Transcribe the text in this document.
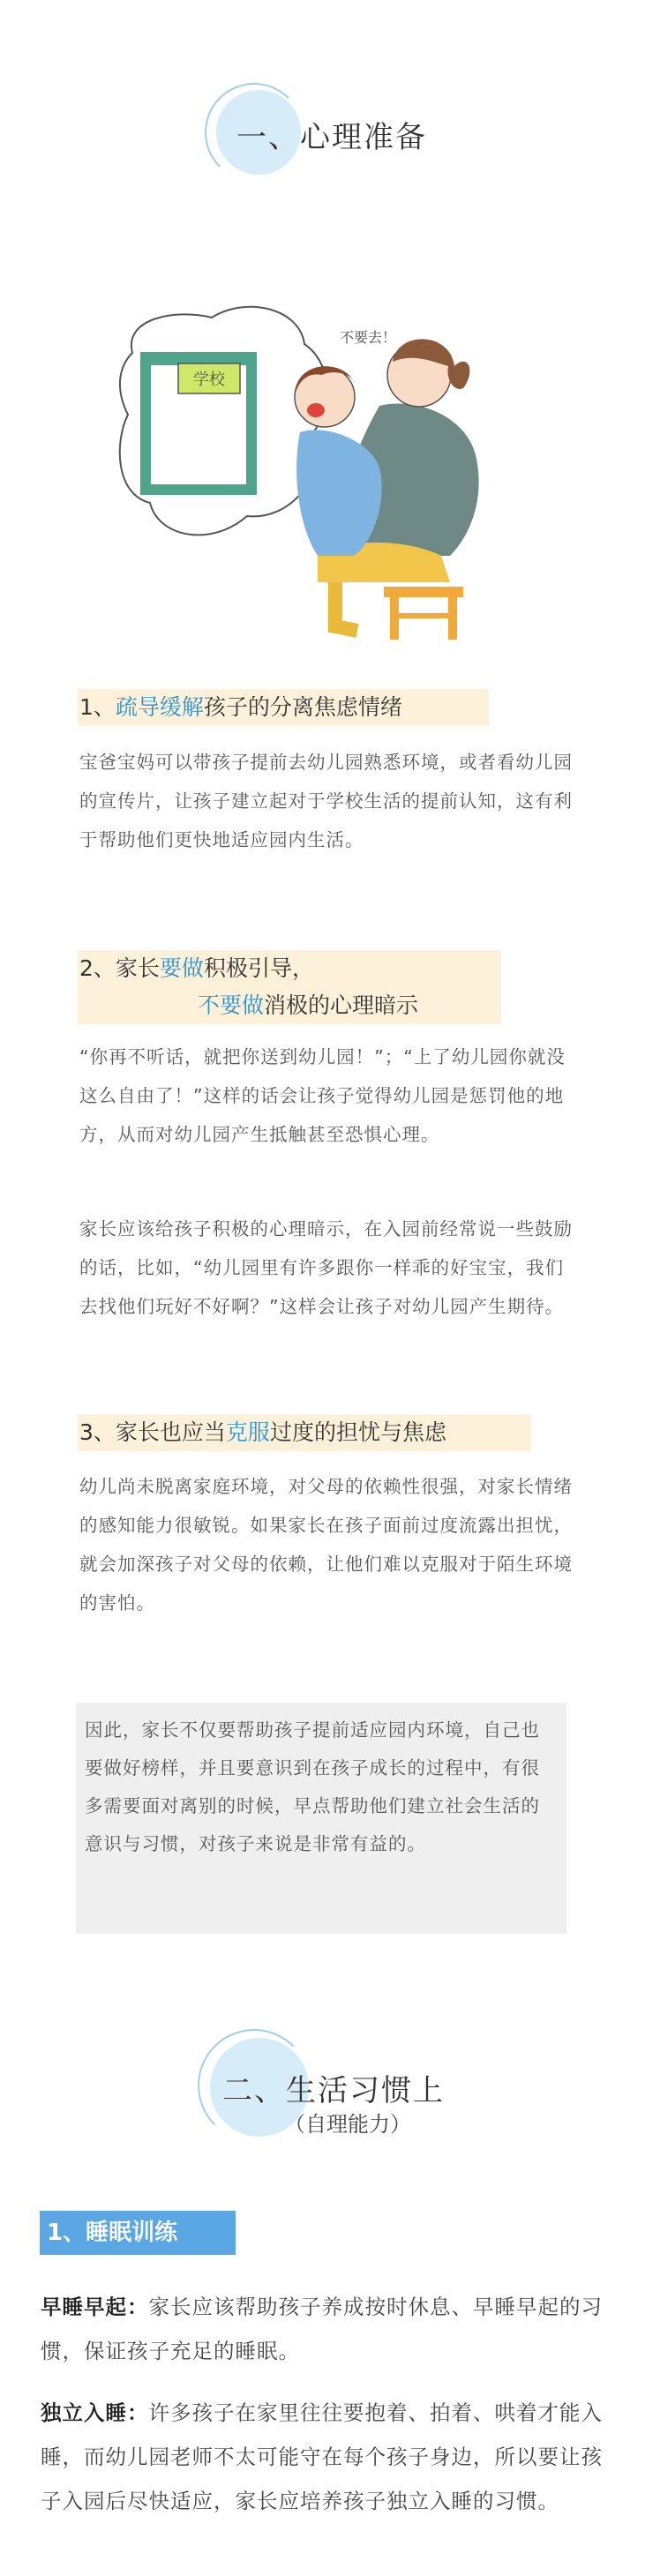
一、心理准备
学校
不要去！
1、疏导缓解孩子的分离焦虑情绪

宝爸宝妈可以带孩子提前去幼儿园熟悉环境，或者看幼儿园的宣传片，让孩子建立起对于学校生活的提前认知，这有利于帮助他们更快地适应园内生活。

2、家长要做积极引导，
不要做消极的心理暗示

“你再不听话，就把你送到幼儿园！”；“上了幼儿园你就没这么自由了！”这样的话会让孩子觉得幼儿园是惩罚他的地方，从而对幼儿园产生抵触甚至恐惧心理。

家长应该给孩子积极的心理暗示，在入园前经常说一些鼓励的话，比如，“幼儿园里有许多跟你一样乖的好宝宝，我们去找他们玩好不好啊？”这样会让孩子对幼儿园产生期待。

3、家长也应当克服过度的担忧与焦虑

幼儿尚未脱离家庭环境，对父母的依赖性很强，对家长情绪的感知能力很敏锐。如果家长在孩子面前过度流露出担忧，就会加深孩子对父母的依赖，让他们难以克服对于陌生环境的害怕。

因此，家长不仅要帮助孩子提前适应园内环境，自己也要做好榜样，并且要意识到在孩子成长的过程中，有很多需要面对离别的时候，早点帮助他们建立社会生活的意识与习惯，对孩子来说是非常有益的。

二、生活习惯上
（自理能力）
1、睡眠训练

早睡早起：家长应该帮助孩子养成按时休息、早睡早起的习惯，保证孩子充足的睡眠。

独立入睡：许多孩子在家里往往要抱着、拍着、哄着才能入睡，而幼儿园老师不太可能守在每个孩子身边，所以要让孩子入园后尽快适应，家长应培养孩子独立入睡的习惯。
